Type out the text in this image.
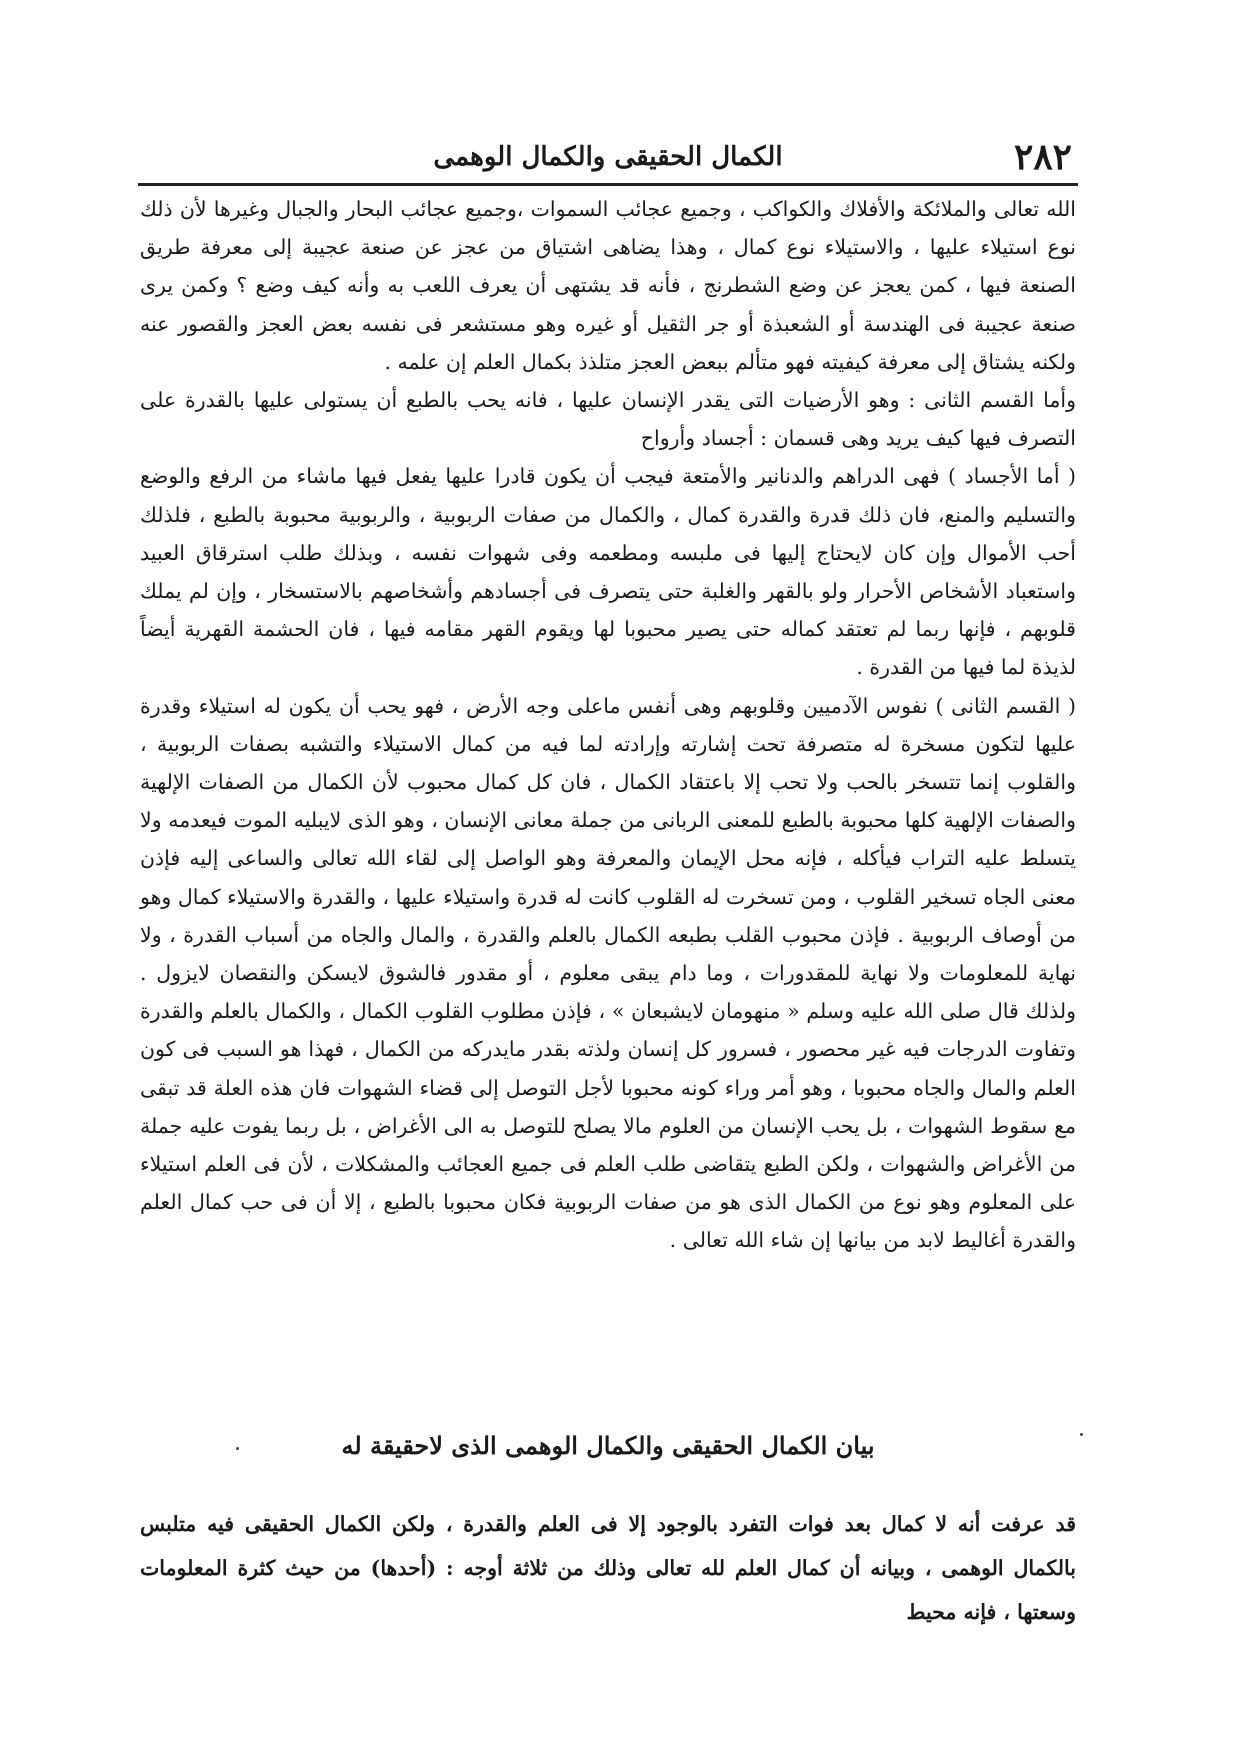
٢٨٢
الكمال الحقيقى والكمال الوهمى

الله تعالى والملائكة والأفلاك والكواكب ، وجميع عجائب السموات ،وجميع عجائب البحار والجبال وغيرها لأن ذلك نوع استيلاء عليها ، والاستيلاء نوع كمال ، وهذا يضاهى اشتياق من عجز عن صنعة عجيبة إلى معرفة طريق الصنعة فيها ، كمن يعجز عن وضع الشطرنج ، فأنه قد يشتهى أن يعرف اللعب به وأنه كيف وضع ؟ وكمن يرى صنعة عجيبة فى الهندسة أو الشعبذة أو جر الثقيل أو غيره وهو مستشعر فى نفسه بعض العجز والقصور عنه ولكنه يشتاق إلى معرفة كيفيته فهو متألم ببعض العجز متلذذ بكمال العلم إن علمه .

وأما القسم الثانى : وهو الأرضيات التى يقدر الإنسان عليها ، فانه يحب بالطبع أن يستولى عليها بالقدرة على التصرف فيها كيف يريد وهى قسمان : أجساد وأرواح

( أما الأجساد ) فهى الدراهم والدنانير والأمتعة فيجب أن يكون قادرا عليها يفعل فيها ماشاء من الرفع والوضع والتسليم والمنع، فان ذلك قدرة والقدرة كمال ، والكمال من صفات الربوبية ، والربوبية محبوبة بالطبع ، فلذلك أحب الأموال وإن كان لايحتاج إليها فى ملبسه ومطعمه وفى شهوات نفسه ، وبذلك طلب استرقاق العبيد واستعباد الأشخاص الأحرار ولو بالقهر والغلبة حتى يتصرف فى أجسادهم وأشخاصهم بالاستسخار ، وإن لم يملك قلوبهم ، فإنها ربما لم تعتقد كماله حتى يصير محبوبا لها ويقوم القهر مقامه فيها ، فان الحشمة القهرية أيضاً لذيذة لما فيها من القدرة .

( القسم الثانى ) نفوس الآدميين وقلوبهم وهى أنفس ماعلى وجه الأرض ، فهو يحب أن يكون له استيلاء وقدرة عليها لتكون مسخرة له متصرفة تحت إشارته وإرادته لما فيه من كمال الاستيلاء والتشبه بصفات الربوبية ، والقلوب إنما تتسخر بالحب ولا تحب إلا باعتقاد الكمال ، فان كل كمال محبوب لأن الكمال من الصفات الإلهية والصفات الإلهية كلها محبوبة بالطبع للمعنى الربانى من جملة معانى الإنسان ، وهو الذى لايبليه الموت فيعدمه ولا يتسلط عليه التراب فيأكله ، فإنه محل الإيمان والمعرفة وهو الواصل إلى لقاء الله تعالى والساعى إليه فإذن معنى الجاه تسخير القلوب ، ومن تسخرت له القلوب كانت له قدرة واستيلاء عليها ، والقدرة والاستيلاء كمال وهو من أوصاف الربوبية . فإذن محبوب القلب بطبعه الكمال بالعلم والقدرة ، والمال والجاه من أسباب القدرة ، ولا نهاية للمعلومات ولا نهاية للمقدورات ، وما دام يبقى معلوم ، أو مقدور فالشوق لايسكن والنقصان لايزول . ولذلك قال صلى الله عليه وسلم « منهومان لايشبعان » ، فإذن مطلوب القلوب الكمال ، والكمال بالعلم والقدرة وتفاوت الدرجات فيه غير محصور ، فسرور كل إنسان ولذته بقدر مايدركه من الكمال ، فهذا هو السبب فى كون العلم والمال والجاه محبوبا ، وهو أمر وراء كونه محبوبا لأجل التوصل إلى قضاء الشهوات فان هذه العلة قد تبقى مع سقوط الشهوات ، بل يحب الإنسان من العلوم مالا يصلح للتوصل به الى الأغراض ، بل ربما يفوت عليه جملة من الأغراض والشهوات ، ولكن الطبع يتقاضى طلب العلم فى جميع العجائب والمشكلات ، لأن فى العلم استيلاء على المعلوم وهو نوع من الكمال الذى هو من صفات الربوبية فكان محبوبا بالطبع ، إلا أن فى حب كمال العلم والقدرة أغاليط لابد من بيانها إن شاء الله تعالى .

بيان الكمال الحقيقى والكمال الوهمى الذى لاحقيقة له

قد عرفت أنه لا كمال بعد فوات التفرد بالوجود إلا فى العلم والقدرة ، ولكن الكمال الحقيقى فيه متلبس بالكمال الوهمى ، وبيانه أن كمال العلم لله تعالى وذلك من ثلاثة أوجه : (أحدها) من حيث كثرة المعلومات وسعتها ، فإنه محيط
